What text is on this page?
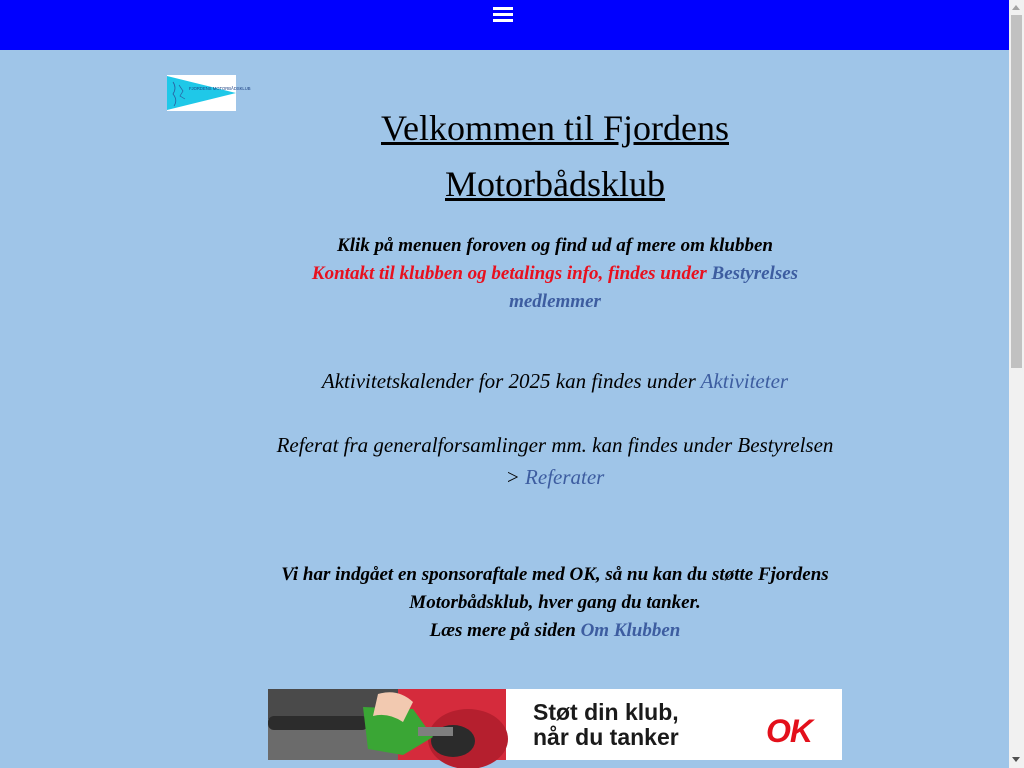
FJORDENS MOTORBÅDSKLUB
Velkommen til Fjordens
Motorbådsklub
Klik på menuen foroven og find ud af mere om klubben
Kontakt til klubben og betalings info, findes under Bestyrelses medlemmer
Aktivitetskalender for 2025 kan findes under Aktiviteter
Referat fra generalforsamlinger mm. kan findes under Bestyrelsen
> Referater
Vi har indgået en sponsoraftale med OK, så nu kan du støtte Fjordens
Motorbådsklub, hver gang du tanker.
Læs mere på siden Om Klubben
Støt din klub,
når du tanker	OK
